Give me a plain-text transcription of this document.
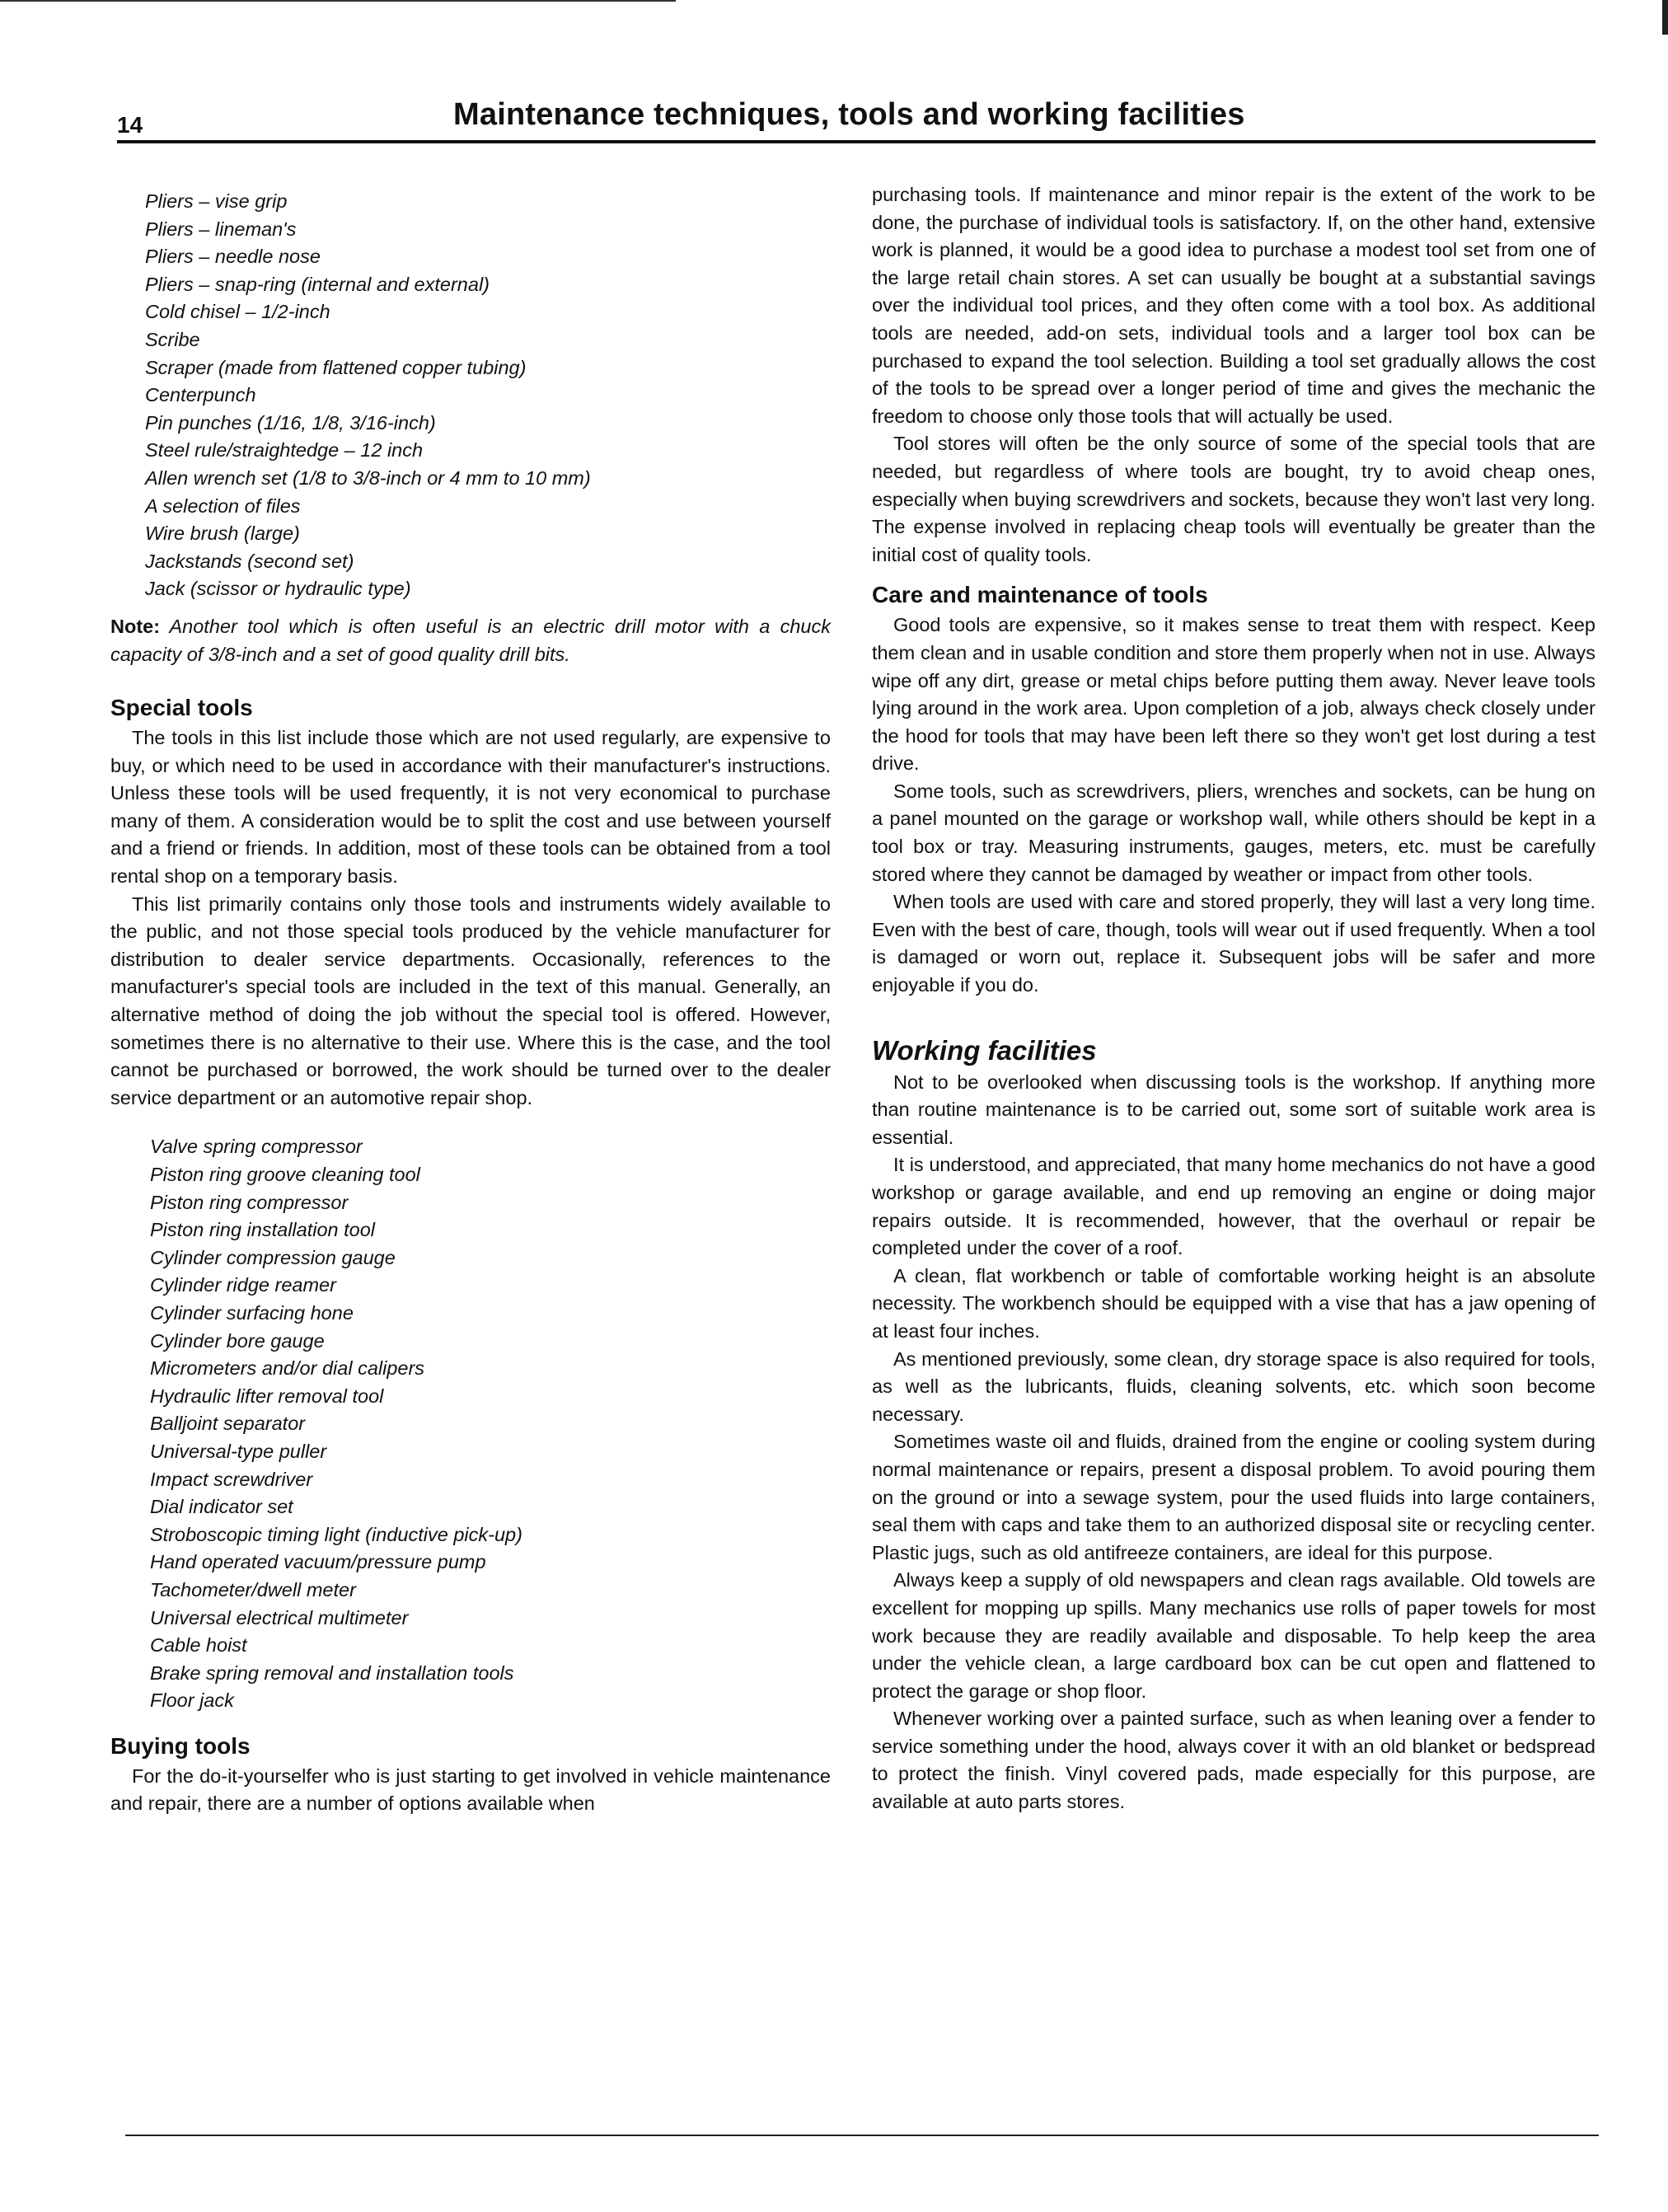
14	Maintenance techniques, tools and working facilities
Pliers – vise grip
Pliers – lineman's
Pliers – needle nose
Pliers – snap-ring (internal and external)
Cold chisel – 1/2-inch
Scribe
Scraper (made from flattened copper tubing)
Centerpunch
Pin punches (1/16, 1/8, 3/16-inch)
Steel rule/straightedge – 12 inch
Allen wrench set (1/8 to 3/8-inch or 4 mm to 10 mm)
A selection of files
Wire brush (large)
Jackstands (second set)
Jack (scissor or hydraulic type)

Note: Another tool which is often useful is an electric drill motor with a chuck capacity of 3/8-inch and a set of good quality drill bits.

Special tools

The tools in this list include those which are not used regularly, are expensive to buy, or which need to be used in accordance with their manufacturer's instructions. Unless these tools will be used frequently, it is not very economical to purchase many of them. A consideration would be to split the cost and use between yourself and a friend or friends. In addition, most of these tools can be obtained from a tool rental shop on a temporary basis.

This list primarily contains only those tools and instruments widely available to the public, and not those special tools produced by the vehicle manufacturer for distribution to dealer service departments. Occasionally, references to the manufacturer's special tools are included in the text of this manual. Generally, an alternative method of doing the job without the special tool is offered. However, sometimes there is no alternative to their use. Where this is the case, and the tool cannot be purchased or borrowed, the work should be turned over to the dealer service department or an automotive repair shop.

Valve spring compressor
Piston ring groove cleaning tool
Piston ring compressor
Piston ring installation tool
Cylinder compression gauge
Cylinder ridge reamer
Cylinder surfacing hone
Cylinder bore gauge
Micrometers and/or dial calipers
Hydraulic lifter removal tool
Balljoint separator
Universal-type puller
Impact screwdriver
Dial indicator set
Stroboscopic timing light (inductive pick-up)
Hand operated vacuum/pressure pump
Tachometer/dwell meter
Universal electrical multimeter
Cable hoist
Brake spring removal and installation tools
Floor jack
Buying tools

For the do-it-yourselfer who is just starting to get involved in vehicle maintenance and repair, there are a number of options available when

purchasing tools. If maintenance and minor repair is the extent of the work to be done, the purchase of individual tools is satisfactory. If, on the other hand, extensive work is planned, it would be a good idea to purchase a modest tool set from one of the large retail chain stores. A set can usually be bought at a substantial savings over the individual tool prices, and they often come with a tool box. As additional tools are needed, add-on sets, individual tools and a larger tool box can be purchased to expand the tool selection. Building a tool set gradually allows the cost of the tools to be spread over a longer period of time and gives the mechanic the freedom to choose only those tools that will actually be used.

Tool stores will often be the only source of some of the special tools that are needed, but regardless of where tools are bought, try to avoid cheap ones, especially when buying screwdrivers and sockets, because they won't last very long. The expense involved in replacing cheap tools will eventually be greater than the initial cost of quality tools.

Care and maintenance of tools

Good tools are expensive, so it makes sense to treat them with respect. Keep them clean and in usable condition and store them properly when not in use. Always wipe off any dirt, grease or metal chips before putting them away. Never leave tools lying around in the work area. Upon completion of a job, always check closely under the hood for tools that may have been left there so they won't get lost during a test drive.

Some tools, such as screwdrivers, pliers, wrenches and sockets, can be hung on a panel mounted on the garage or workshop wall, while others should be kept in a tool box or tray. Measuring instruments, gauges, meters, etc. must be carefully stored where they cannot be damaged by weather or impact from other tools.

When tools are used with care and stored properly, they will last a very long time. Even with the best of care, though, tools will wear out if used frequently. When a tool is damaged or worn out, replace it. Subsequent jobs will be safer and more enjoyable if you do.

Working facilities

Not to be overlooked when discussing tools is the workshop. If anything more than routine maintenance is to be carried out, some sort of suitable work area is essential.

It is understood, and appreciated, that many home mechanics do not have a good workshop or garage available, and end up removing an engine or doing major repairs outside. It is recommended, however, that the overhaul or repair be completed under the cover of a roof.

A clean, flat workbench or table of comfortable working height is an absolute necessity. The workbench should be equipped with a vise that has a jaw opening of at least four inches.

As mentioned previously, some clean, dry storage space is also required for tools, as well as the lubricants, fluids, cleaning solvents, etc. which soon become necessary.

Sometimes waste oil and fluids, drained from the engine or cooling system during normal maintenance or repairs, present a disposal problem. To avoid pouring them on the ground or into a sewage system, pour the used fluids into large containers, seal them with caps and take them to an authorized disposal site or recycling center. Plastic jugs, such as old antifreeze containers, are ideal for this purpose.

Always keep a supply of old newspapers and clean rags available. Old towels are excellent for mopping up spills. Many mechanics use rolls of paper towels for most work because they are readily available and disposable. To help keep the area under the vehicle clean, a large cardboard box can be cut open and flattened to protect the garage or shop floor.

Whenever working over a painted surface, such as when leaning over a fender to service something under the hood, always cover it with an old blanket or bedspread to protect the finish. Vinyl covered pads, made especially for this purpose, are available at auto parts stores.
